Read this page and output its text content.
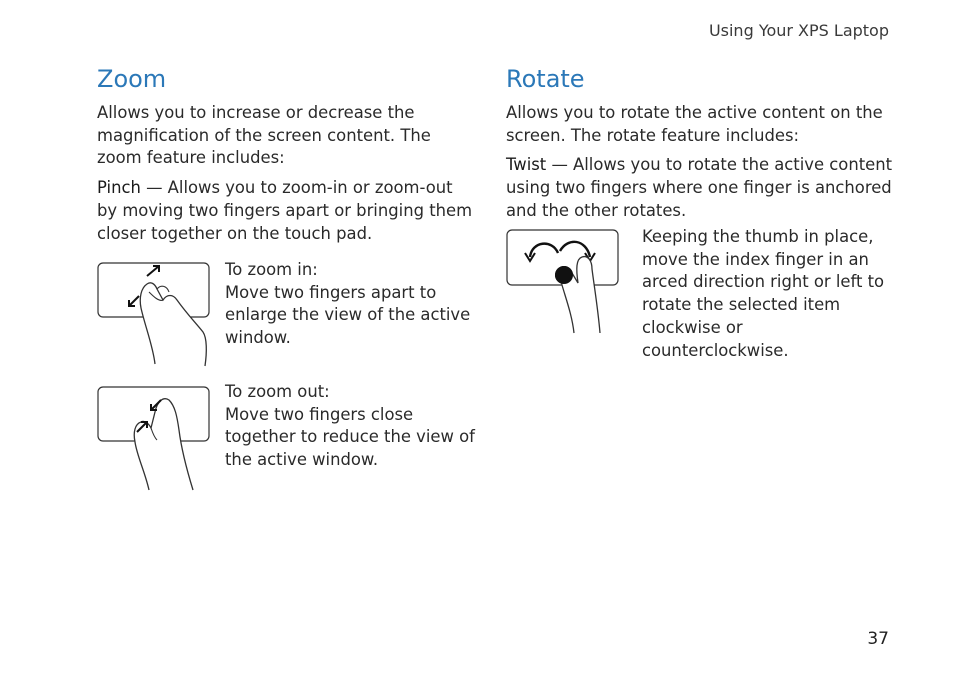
Using Your XPS Laptop
Zoom

Allows you to increase or decrease the magnification of the screen content. The zoom feature includes:

Pinch — Allows you to zoom-in or zoom-out by moving two fingers apart or bringing them closer together on the touch pad.

To zoom in:
Move two fingers apart to enlarge the view of the active window.
To zoom out:
Move two fingers close together to reduce the view of the active window.
Rotate

Allows you to rotate the active content on the screen. The rotate feature includes:

Twist — Allows you to rotate the active content using two fingers where one finger is anchored and the other rotates.

Keeping the thumb in place, move the index finger in an arced direction right or left to rotate the selected item clockwise or counterclockwise.
37
